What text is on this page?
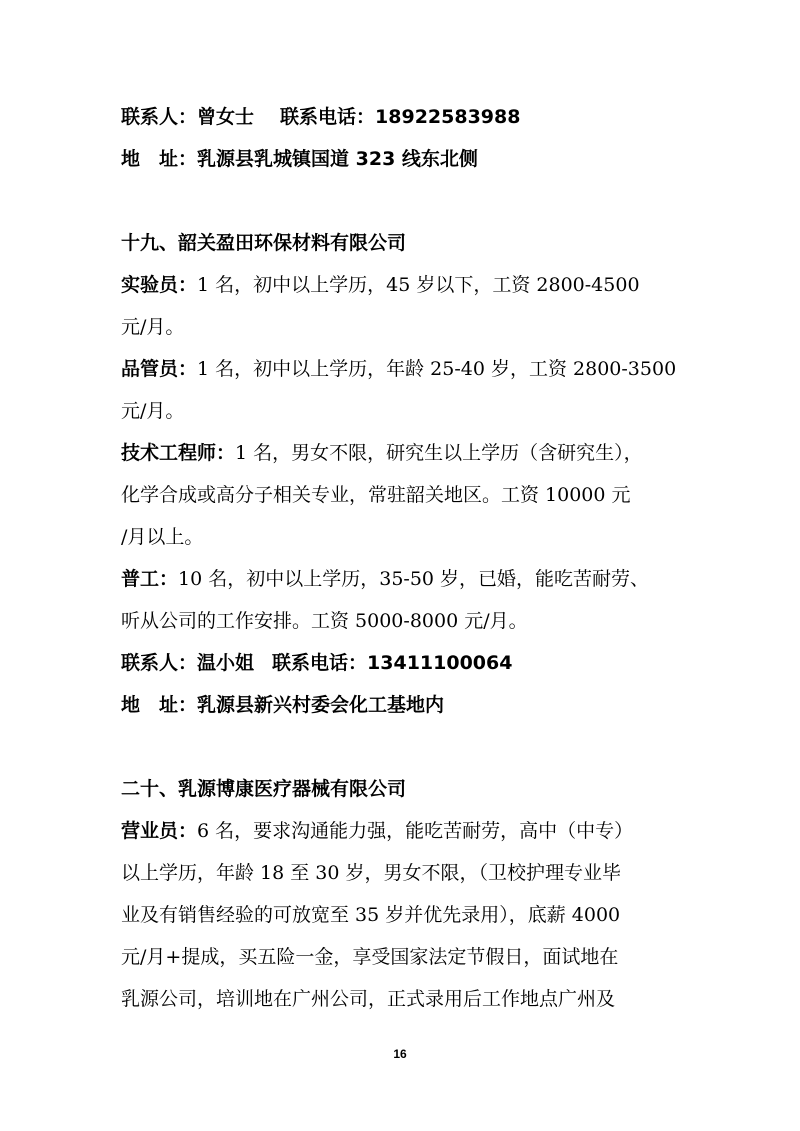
联系人：曾女士 联系电话：18922583988
地　址：乳源县乳城镇国道 323 线东北侧
十九、韶关盈田环保材料有限公司
实验员：1 名，初中以上学历，45 岁以下，工资 2800-4500
元/月。
品管员：1 名，初中以上学历，年龄 25-40 岁，工资 2800-3500
元/月。
技术工程师：1 名，男女不限，研究生以上学历（含研究生），
化学合成或高分子相关专业，常驻韶关地区。工资 10000 元
/月以上。
普工：10 名，初中以上学历，35-50 岁，已婚，能吃苦耐劳、
听从公司的工作安排。工资 5000-8000 元/月。
联系人：温小姐 联系电话：13411100064
地　址：乳源县新兴村委会化工基地内
二十、乳源博康医疗器械有限公司
营业员：6 名，要求沟通能力强，能吃苦耐劳，高中（中专）
以上学历，年龄 18 至 30 岁，男女不限，（卫校护理专业毕
业及有销售经验的可放宽至 35 岁并优先录用），底薪 4000
元/月+提成，买五险一金，享受国家法定节假日，面试地在
乳源公司，培训地在广州公司，正式录用后工作地点广州及
16
